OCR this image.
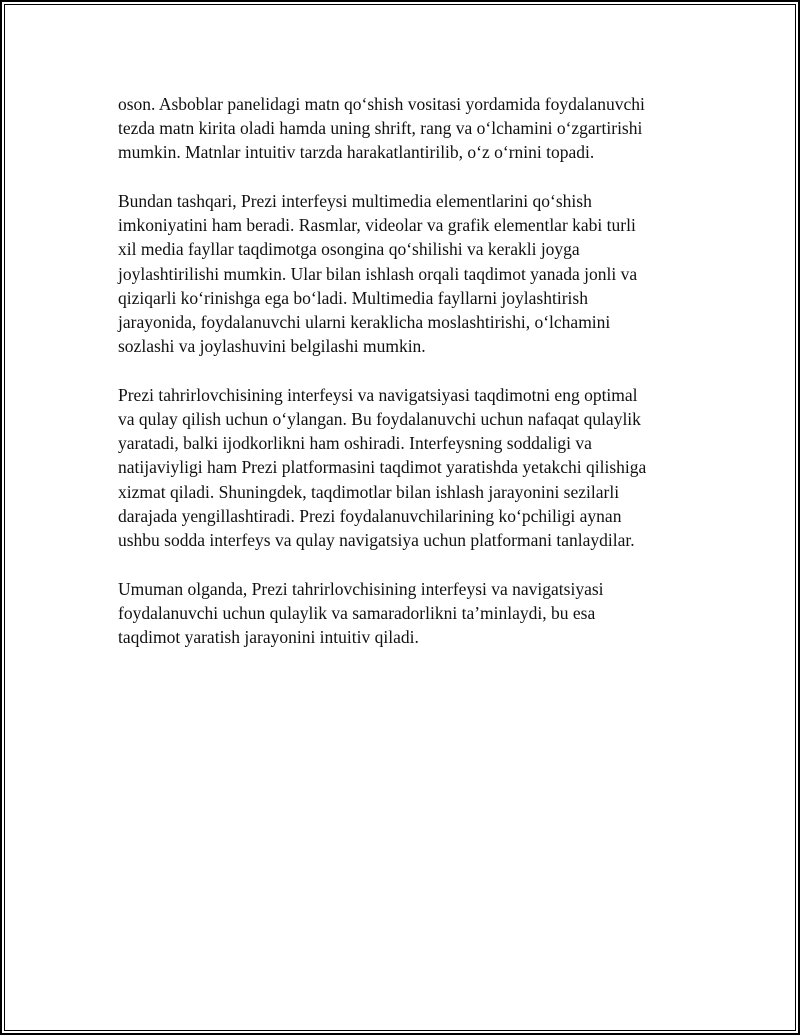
oson. Asboblar panelidagi matn qo‘shish vositasi yordamida foydalanuvchi
tezda matn kirita oladi hamda uning shrift, rang va o‘lchamini o‘zgartirishi
mumkin. Matnlar intuitiv tarzda harakatlantirilib, o‘z o‘rnini topadi.

Bundan tashqari, Prezi interfeysi multimedia elementlarini qo‘shish
imkoniyatini ham beradi. Rasmlar, videolar va grafik elementlar kabi turli
xil media fayllar taqdimotga osongina qo‘shilishi va kerakli joyga
joylashtirilishi mumkin. Ular bilan ishlash orqali taqdimot yanada jonli va
qiziqarli ko‘rinishga ega bo‘ladi. Multimedia fayllarni joylashtirish
jarayonida, foydalanuvchi ularni keraklicha moslashtirishi, o‘lchamini
sozlashi va joylashuvini belgilashi mumkin.

Prezi tahrirlovchisining interfeysi va navigatsiyasi taqdimotni eng optimal
va qulay qilish uchun o‘ylangan. Bu foydalanuvchi uchun nafaqat qulaylik
yaratadi, balki ijodkorlikni ham oshiradi. Interfeysning soddaligi va
natijaviyligi ham Prezi platformasini taqdimot yaratishda yetakchi qilishiga
xizmat qiladi. Shuningdek, taqdimotlar bilan ishlash jarayonini sezilarli
darajada yengillashtiradi. Prezi foydalanuvchilarining ko‘pchiligi aynan
ushbu sodda interfeys va qulay navigatsiya uchun platformani tanlaydilar.

Umuman olganda, Prezi tahrirlovchisining interfeysi va navigatsiyasi
foydalanuvchi uchun qulaylik va samaradorlikni ta’minlaydi, bu esa
taqdimot yaratish jarayonini intuitiv qiladi.
